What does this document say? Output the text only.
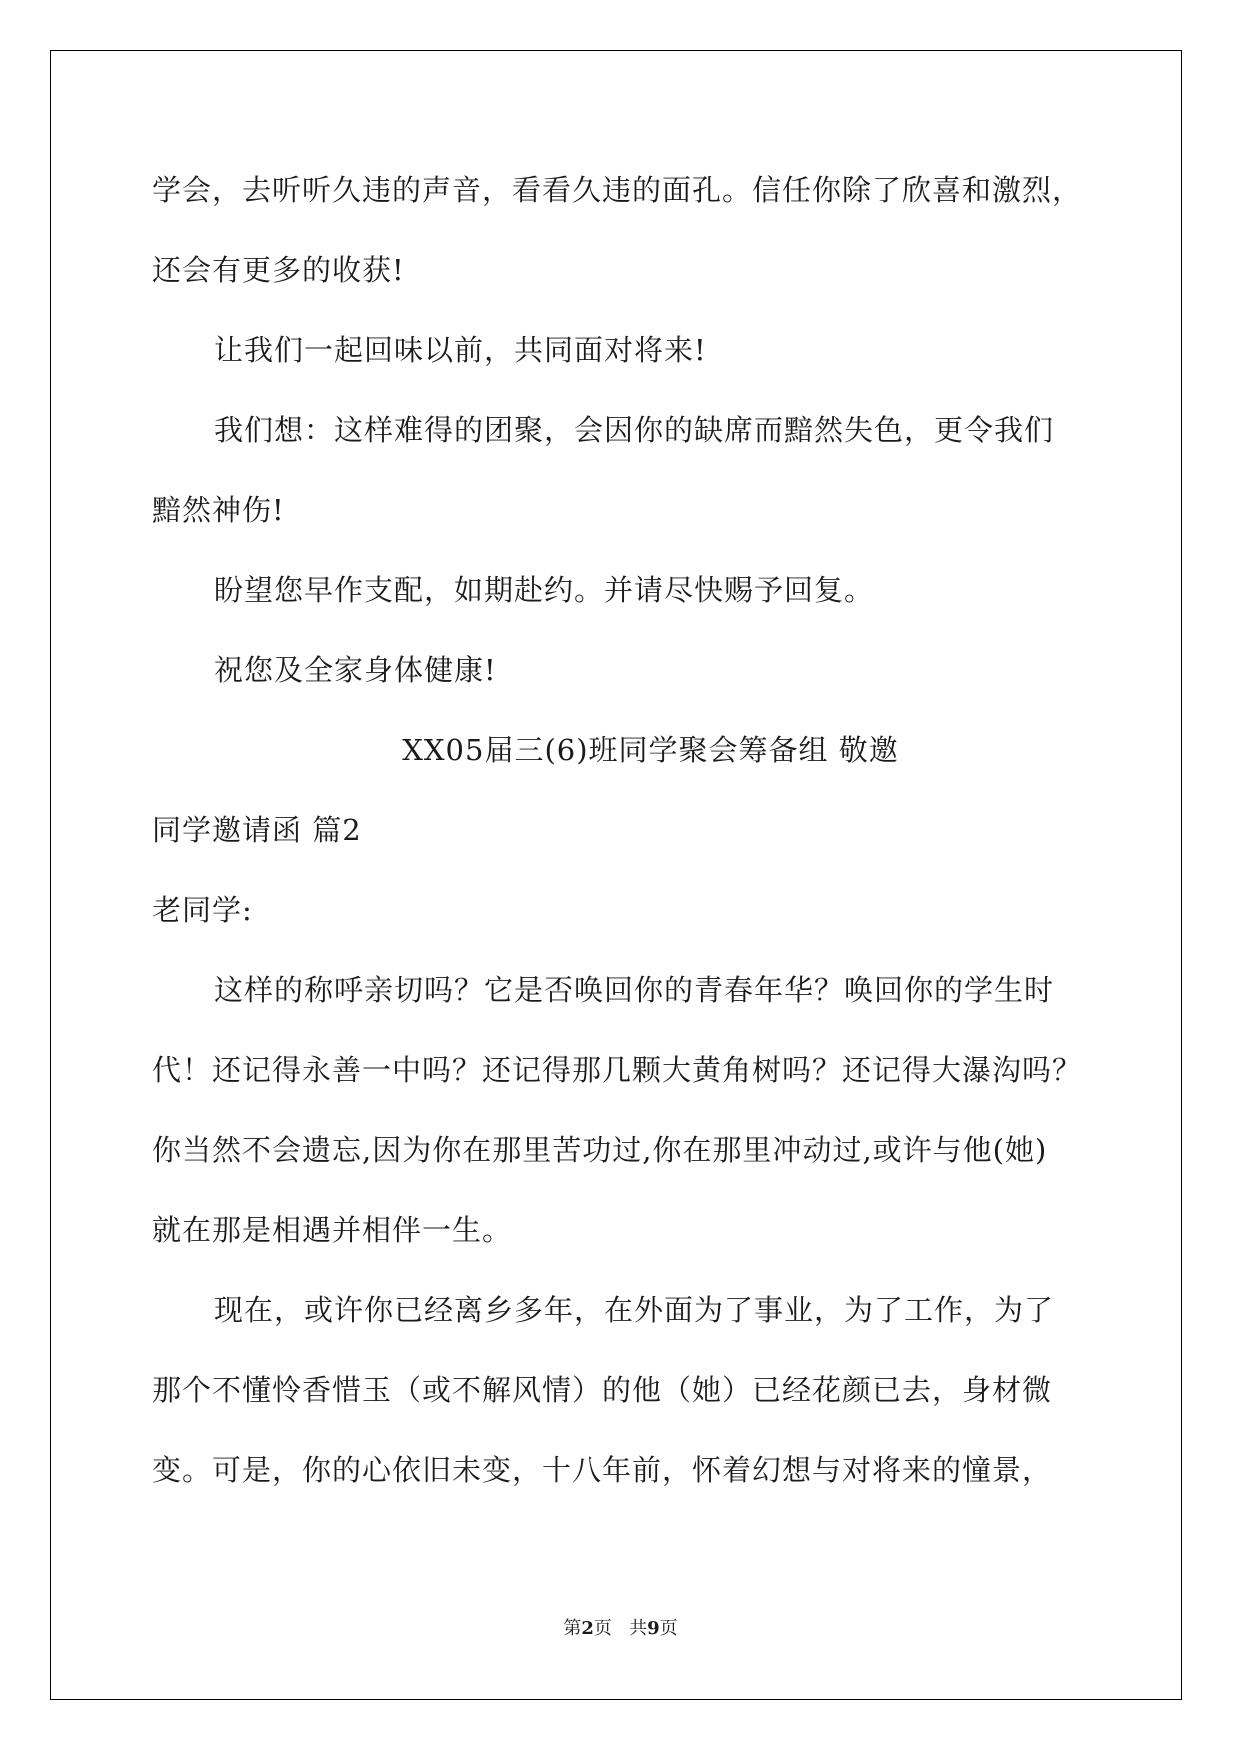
学会，去听听久违的声音，看看久违的面孔。信任你除了欣喜和激烈，
还会有更多的收获!
让我们一起回味以前，共同面对将来!
我们想：这样难得的团聚，会因你的缺席而黯然失色，更令我们
黯然神伤!
盼望您早作支配，如期赴约。并请尽快赐予回复。
祝您及全家身体健康!
XX05届三(6)班同学聚会筹备组 敬邀
同学邀请函 篇2
老同学:
这样的称呼亲切吗？它是否唤回你的青春年华？唤回你的学生时
代！还记得永善一中吗？还记得那几颗大黄角树吗？还记得大瀑沟吗？
你当然不会遗忘,因为你在那里苦功过,你在那里冲动过,或许与他(她)
就在那是相遇并相伴一生。
现在，或许你已经离乡多年，在外面为了事业，为了工作，为了
那个不懂怜香惜玉（或不解风情）的他（她）已经花颜已去，身材微
变。可是，你的心依旧未变，十八年前，怀着幻想与对将来的憧景，
第2页   共9页
